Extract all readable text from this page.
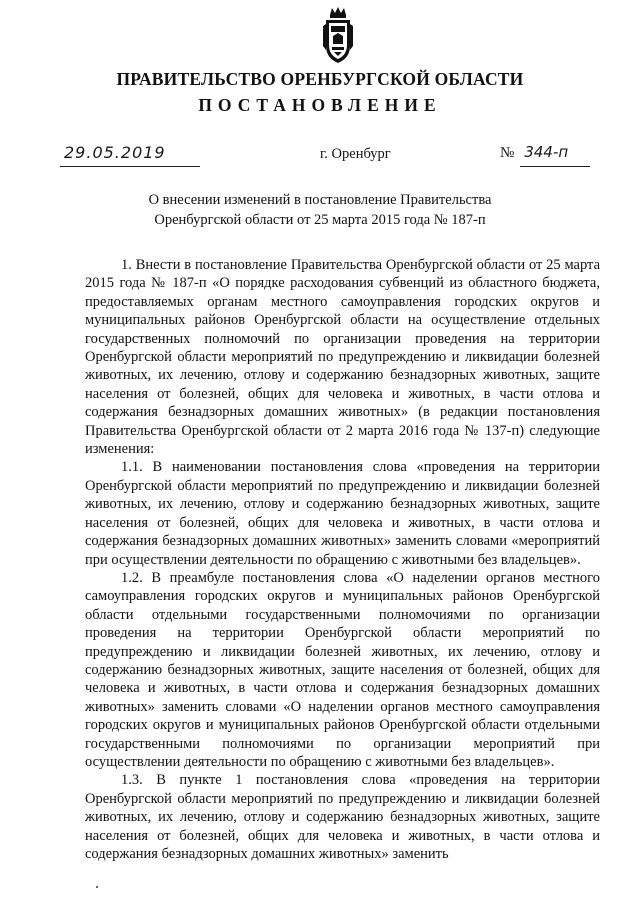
ПРАВИТЕЛЬСТВО ОРЕНБУРГСКОЙ ОБЛАСТИ
ПОСТАНОВЛЕНИЕ
29.05.2019	г. Оренбург	№ 344-п
О внесении изменений в постановление Правительства
Оренбургской области от 25 марта 2015 года № 187-п

1. Внести в постановление Правительства Оренбургской области от 25 марта 2015 года № 187-п «О порядке расходования субвенций из областного бюджета, предоставляемых органам местного самоуправления городских округов и муниципальных районов Оренбургской области на осуществление отдельных государственных полномочий по организации проведения на территории Оренбургской области мероприятий по предупреждению и ликвидации болезней животных, их лечению, отлову и содержанию безнадзорных животных, защите населения от болезней, общих для человека и животных, в части отлова и содержания безнадзорных домашних животных» (в редакции постановления Правительства Оренбургской области от 2 марта 2016 года № 137-п) следующие изменения:

1.1. В наименовании постановления слова «проведения на территории Оренбургской области мероприятий по предупреждению и ликвидации болезней животных, их лечению, отлову и содержанию безнадзорных животных, защите населения от болезней, общих для человека и животных, в части отлова и содержания безнадзорных домашних животных» заменить словами «мероприятий при осуществлении деятельности по обращению с животными без владельцев».

1.2. В преамбуле постановления слова «О наделении органов местного самоуправления городских округов и муниципальных районов Оренбургской области отдельными государственными полномочиями по организации проведения на территории Оренбургской области мероприятий по предупреждению и ликвидации болезней животных, их лечению, отлову и содержанию безнадзорных животных, защите населения от болезней, общих для человека и животных, в части отлова и содержания безнадзорных домашних животных» заменить словами «О наделении органов местного самоуправления городских округов и муниципальных районов Оренбургской области отдельными государственными полномочиями по организации мероприятий при осуществлении деятельности по обращению с животными без владельцев».

1.3. В пункте 1 постановления слова «проведения на территории Оренбургской области мероприятий по предупреждению и ликвидации болезней животных, их лечению, отлову и содержанию безнадзорных животных, защите населения от болезней, общих для человека и животных, в части отлова и содержания безнадзорных домашних животных» заменить
